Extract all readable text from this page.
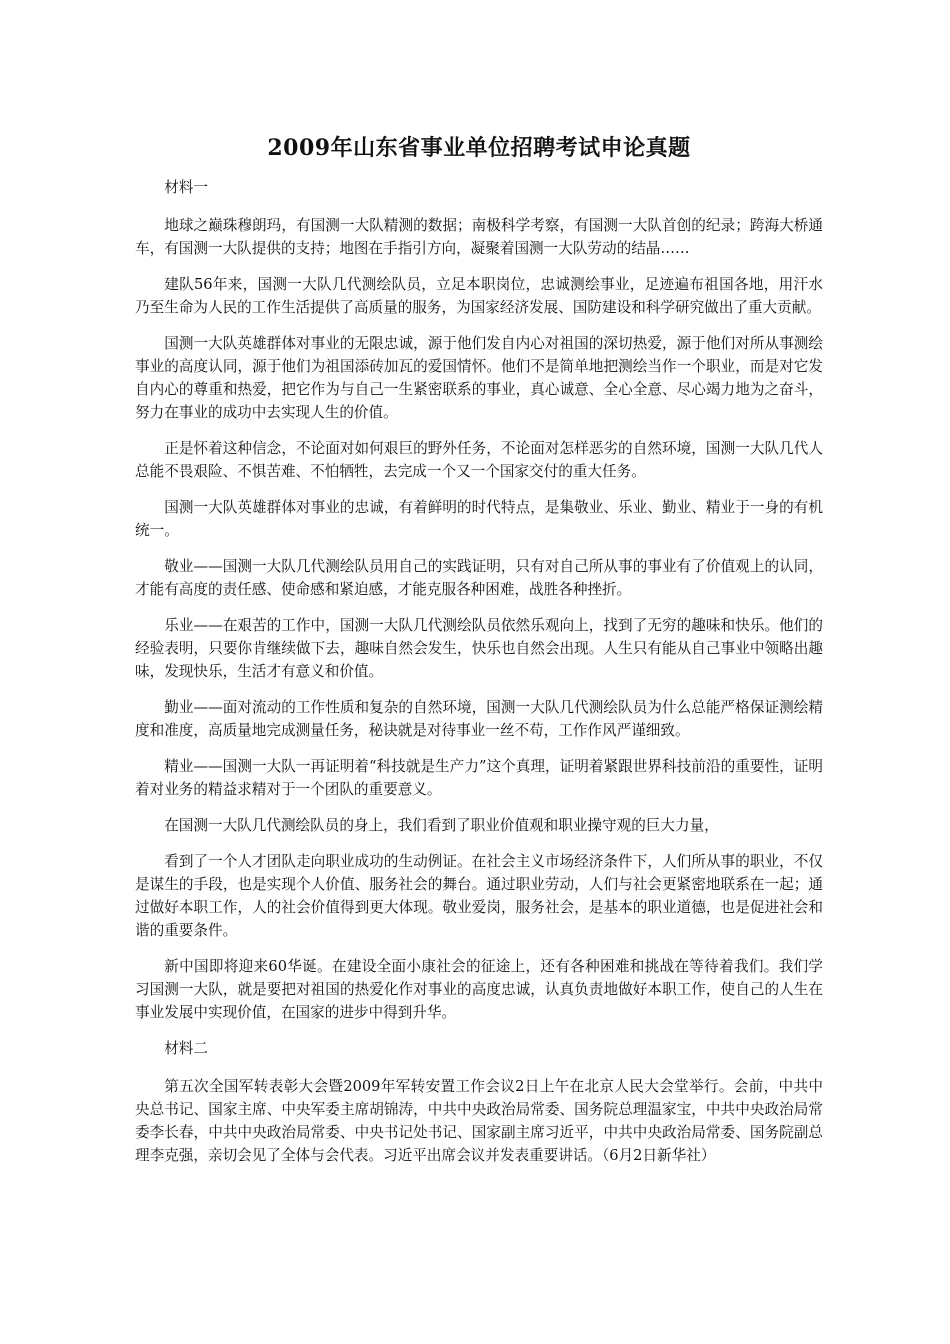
2009年山东省事业单位招聘考试申论真题

材料一

地球之巅珠穆朗玛，有国测一大队精测的数据；南极科学考察，有国测一大队首创的纪录；跨海大桥通车，有国测一大队提供的支持；地图在手指引方向，凝聚着国测一大队劳动的结晶……

建队56年来，国测一大队几代测绘队员，立足本职岗位，忠诚测绘事业，足迹遍布祖国各地，用汗水乃至生命为人民的工作生活提供了高质量的服务，为国家经济发展、国防建设和科学研究做出了重大贡献。

国测一大队英雄群体对事业的无限忠诚，源于他们发自内心对祖国的深切热爱，源于他们对所从事测绘事业的高度认同，源于他们为祖国添砖加瓦的爱国情怀。他们不是简单地把测绘当作一个职业，而是对它发自内心的尊重和热爱，把它作为与自己一生紧密联系的事业，真心诚意、全心全意、尽心竭力地为之奋斗，努力在事业的成功中去实现人生的价值。

正是怀着这种信念，不论面对如何艰巨的野外任务，不论面对怎样恶劣的自然环境，国测一大队几代人总能不畏艰险、不惧苦难、不怕牺牲，去完成一个又一个国家交付的重大任务。

国测一大队英雄群体对事业的忠诚，有着鲜明的时代特点，是集敬业、乐业、勤业、精业于一身的有机统一。

敬业——国测一大队几代测绘队员用自己的实践证明，只有对自己所从事的事业有了价值观上的认同，才能有高度的责任感、使命感和紧迫感，才能克服各种困难，战胜各种挫折。

乐业——在艰苦的工作中，国测一大队几代测绘队员依然乐观向上，找到了无穷的趣味和快乐。他们的经验表明，只要你肯继续做下去，趣味自然会发生，快乐也自然会出现。人生只有能从自己事业中领略出趣味，发现快乐，生活才有意义和价值。

勤业——面对流动的工作性质和复杂的自然环境，国测一大队几代测绘队员为什么总能严格保证测绘精度和准度，高质量地完成测量任务，秘诀就是对待事业一丝不苟，工作作风严谨细致。

精业——国测一大队一再证明着“科技就是生产力”这个真理，证明着紧跟世界科技前沿的重要性，证明着对业务的精益求精对于一个团队的重要意义。

在国测一大队几代测绘队员的身上，我们看到了职业价值观和职业操守观的巨大力量，

看到了一个人才团队走向职业成功的生动例证。在社会主义市场经济条件下，人们所从事的职业，不仅是谋生的手段，也是实现个人价值、服务社会的舞台。通过职业劳动，人们与社会更紧密地联系在一起；通过做好本职工作，人的社会价值得到更大体现。敬业爱岗，服务社会，是基本的职业道德，也是促进社会和谐的重要条件。

新中国即将迎来60华诞。在建设全面小康社会的征途上，还有各种困难和挑战在等待着我们。我们学习国测一大队，就是要把对祖国的热爱化作对事业的高度忠诚，认真负责地做好本职工作，使自己的人生在事业发展中实现价值，在国家的进步中得到升华。

材料二

第五次全国军转表彰大会暨2009年军转安置工作会议2日上午在北京人民大会堂举行。会前，中共中央总书记、国家主席、中央军委主席胡锦涛，中共中央政治局常委、国务院总理温家宝，中共中央政治局常委李长春，中共中央政治局常委、中央书记处书记、国家副主席习近平，中共中央政治局常委、国务院副总理李克强，亲切会见了全体与会代表。习近平出席会议并发表重要讲话。（6月2日新华社）
